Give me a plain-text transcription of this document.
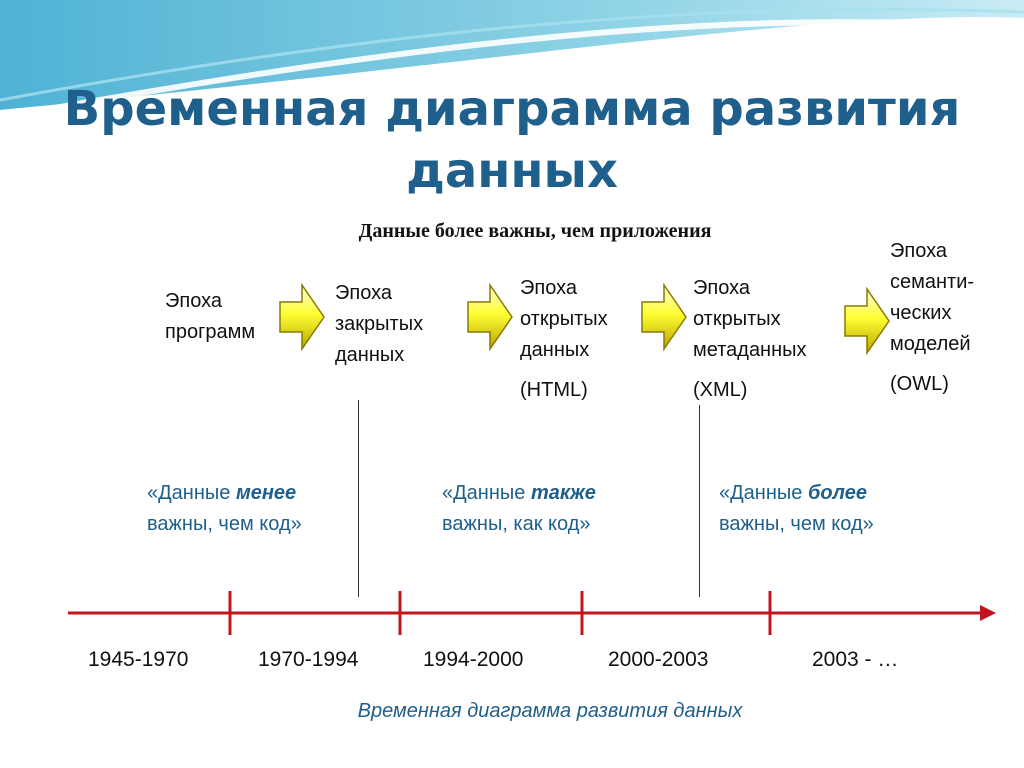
Временная диаграмма развития данных
Данные более важны, чем приложения
Эпоха
программ
Эпоха
закрытых
данных
Эпоха
открытых
данных
(HTML)
Эпоха
открытых
метаданных
(XML)
Эпоха
семанти-
ческих
моделей
(OWL)
«Данные менее
важны, чем код»
«Данные также
важны, как код»
«Данные более
важны, чем код»
1945-1970	1970-1994	1994-2000	2000-2003	2003 - …
Временная диаграмма развития данных
